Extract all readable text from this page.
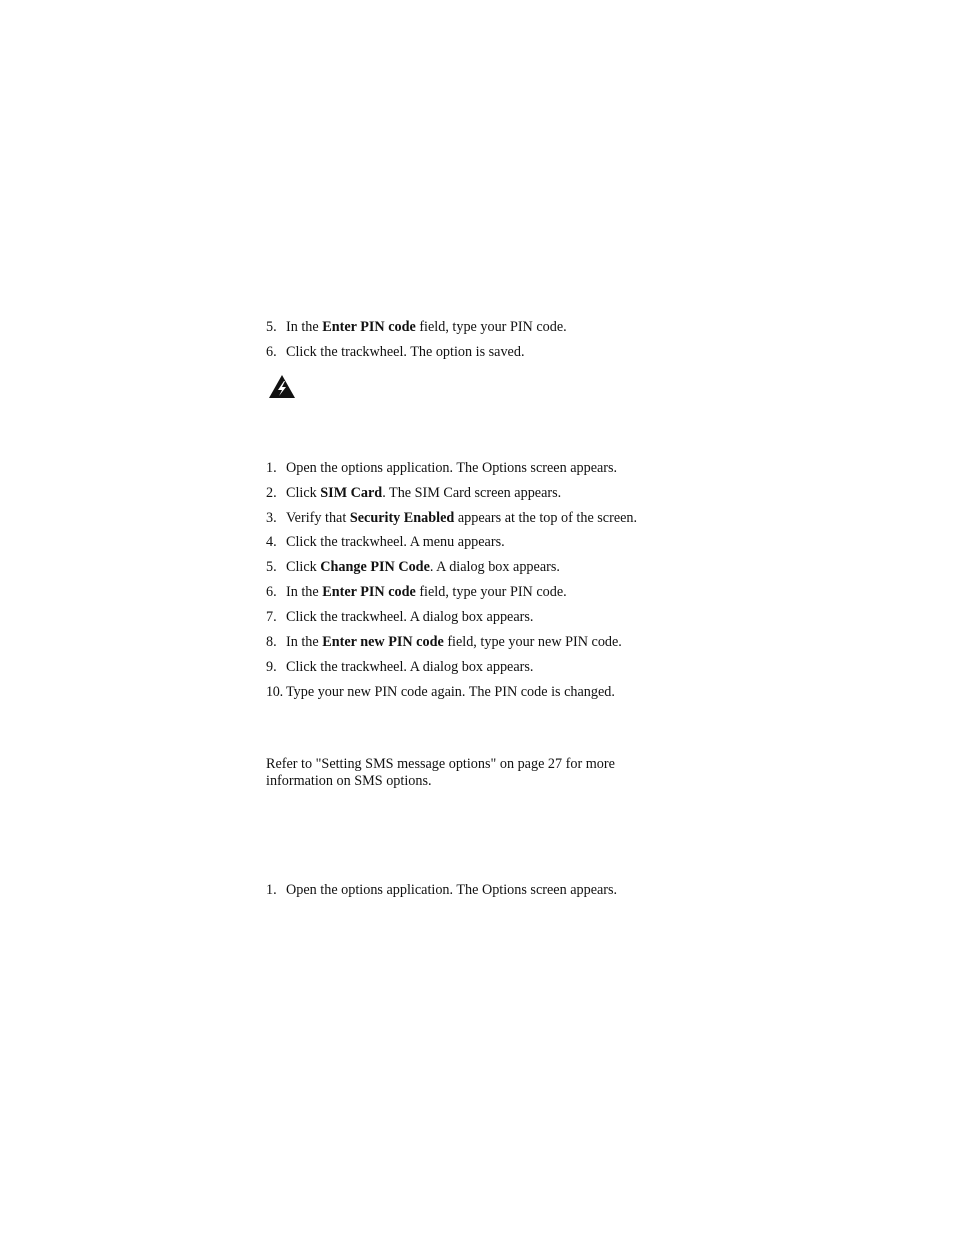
5. In the Enter PIN code field, type your PIN code.
6. Click the trackwheel. The option is saved.
1. Open the options application. The Options screen appears.
2. Click SIM Card. The SIM Card screen appears.
3. Verify that Security Enabled appears at the top of the screen.
4. Click the trackwheel. A menu appears.
5. Click Change PIN Code. A dialog box appears.
6. In the Enter PIN code field, type your PIN code.
7. Click the trackwheel. A dialog box appears.
8. In the Enter new PIN code field, type your new PIN code.
9. Click the trackwheel. A dialog box appears.
10. Type your new PIN code again. The PIN code is changed.
Refer to "Setting SMS message options" on page 27 for more information on SMS options.
1. Open the options application. The Options screen appears.
